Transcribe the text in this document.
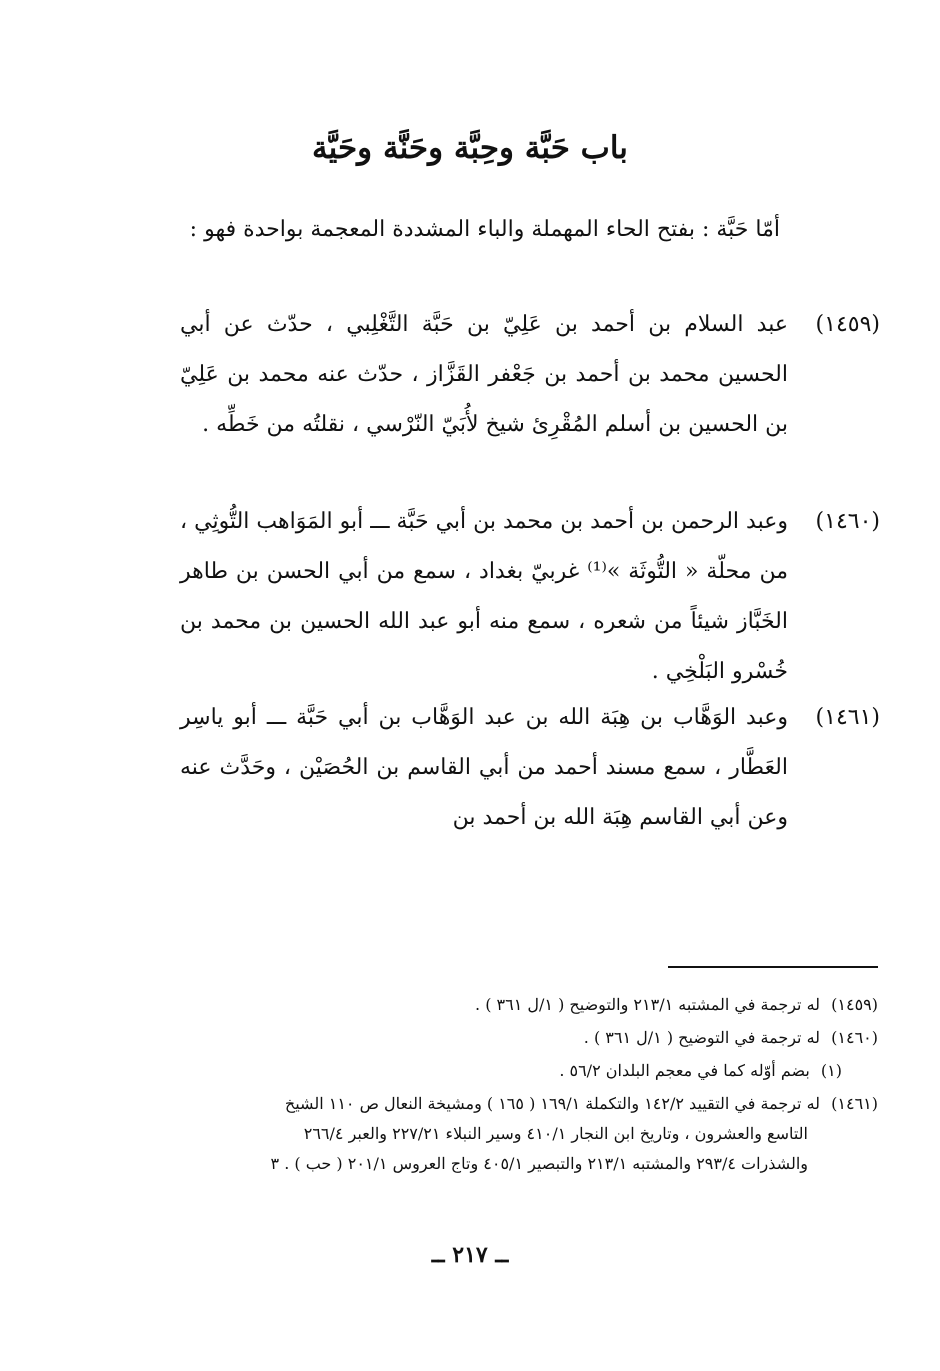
باب حَبَّة وحِبَّة وحَنَّة وحَيَّة
أمّا حَبَّة : بفتح الحاء المهملة والباء المشددة المعجمة بواحدة فهو :
(١٤٥٩)
عبد السلام بن أحمد بن عَلِيّ بن حَبَّة التَّغْلِبي ، حدّث عن أبي الحسين محمد بن أحمد بن جَعْفر القَزَّاز ، حدّث عنه محمد بن عَلِيّ بن الحسين بن أسلم المُقْرِئ شيخ لأُبَيّ النّرْسي ، نقلتُه من خَطِّه .
(١٤٦٠)
وعبد الرحمن بن أحمد بن محمد بن أبي حَبَّة ـــ أبو المَوَاهب التُّوثِي ، من محلّة « التُّوثَة »⁽¹⁾ غربيّ بغداد ، سمع من أبي الحسن بن طاهر الخَبَّاز شيئاً من شعره ، سمع منه أبو عبد الله الحسين بن محمد بن خُسْرو البَلْخِي .
(١٤٦١)
وعبد الوَهَّاب بن هِبَة الله بن عبد الوَهَّاب بن أبي حَبَّة ـــ أبو ياسِر العَطَّار ، سمع مسند أحمد من أبي القاسم بن الحُصَيْن ، وحَدَّث عنه وعن أبي القاسم هِبَة الله بن أحمد بن
(١٤٥٩) له ترجمة في المشتبه ٢١٣/١ والتوضيح ( ١/ل ٣٦١ ) .
(١٤٦٠) له ترجمة في التوضيح ( ١/ل ٣٦١ ) .
(١) بضم أوّله كما في معجم البلدان ٥٦/٢ .
(١٤٦١) له ترجمة في التقييد ١٤٢/٢ والتكملة ١٦٩/١ ( ١٦٥ ) ومشيخة النعال ص ١١٠ الشيخ
التاسع والعشرون ، وتاريخ ابن النجار ٤١٠/١ وسير النبلاء ٢٢٧/٢١ والعبر ٢٦٦/٤
والشذرات ٢٩٣/٤ والمشتبه ٢١٣/١ والتبصير ٤٠٥/١ وتاج العروس ٢٠١/١ ( حب ) . ٣
ــ ٢١٧ ــ
